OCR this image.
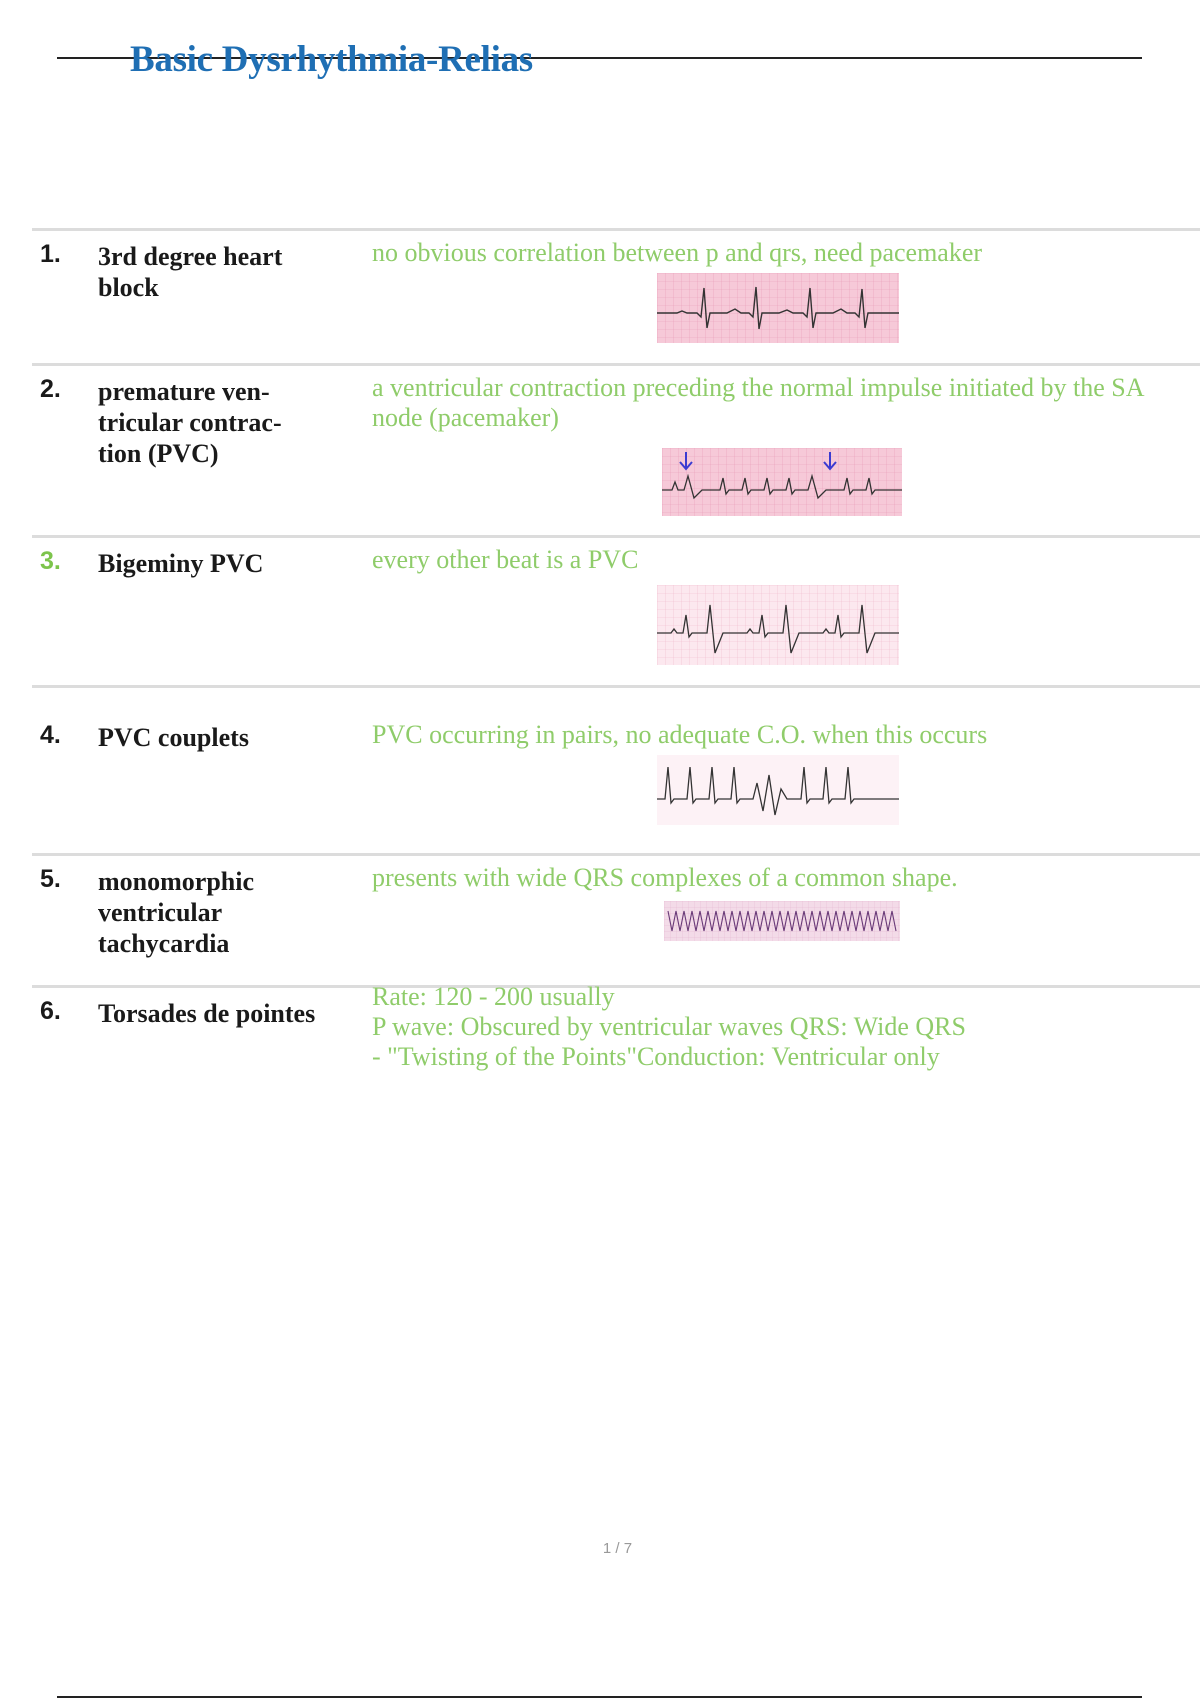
Basic Dysrhythmia-Relias
1. 3rd degree heart block
no obvious correlation between p and qrs, need pacemaker
2. premature ven-tricular contrac-tion (PVC)
a ventricular contraction preceding the normal impulse initiated by the SA node (pacemaker)
3. Bigeminy PVC	every other beat is a PVC
4. PVC couplets	PVC occurring in pairs, no adequate C.O. when this occurs
5. monomorphic ventricular tachycardia
presents with wide QRS complexes of a common shape.
6. Torsades de pointes
Rate: 120 - 200 usually
P wave: Obscured by ventricular waves QRS: Wide QRS - "Twisting of the Points"Conduction: Ventricular only
1 / 7
